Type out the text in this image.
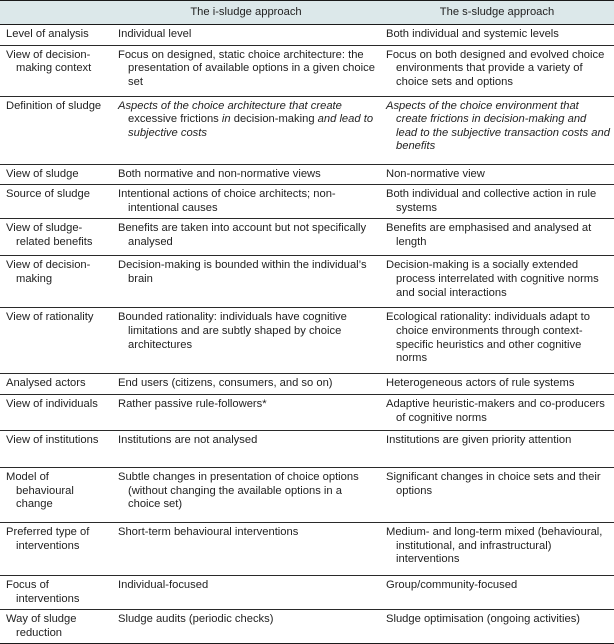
	The i-sludge approach	The s-sludge approach

Level of analysis	Individual level	Both individual and systemic levels

View of decision-making context	Focus on designed, static choice architecture: the presentation of available options in a given choice set	Focus on both designed and evolved choice environments that provide a variety of choice sets and options

Definition of sludge	Aspects of the choice architecture that create excessive frictions in decision-making and lead to subjective costs	Aspects of the choice environment that create frictions in decision-making and lead to the subjective transaction costs and benefits

View of sludge	Both normative and non-normative views	Non-normative view

Source of sludge	Intentional actions of choice architects; non-intentional causes	Both individual and collective action in rule systems

View of sludge-related benefits	Benefits are taken into account but not specifically analysed	Benefits are emphasised and analysed at length

View of decision-making	Decision-making is bounded within the individual’s brain	Decision-making is a socially extended process interrelated with cognitive norms and social interactions

View of rationality	Bounded rationality: individuals have cognitive limitations and are subtly shaped by choice architectures	Ecological rationality: individuals adapt to choice environments through context-specific heuristics and other cognitive norms

Analysed actors	End users (citizens, consumers, and so on)	Heterogeneous actors of rule systems

View of individuals	Rather passive rule-followers*	Adaptive heuristic-makers and co-producers of cognitive norms

View of institutions	Institutions are not analysed	Institutions are given priority attention

Model of behavioural change	Subtle changes in presentation of choice options (without changing the available options in a choice set)	Significant changes in choice sets and their options

Preferred type of interventions	Short-term behavioural interventions	Medium- and long-term mixed (behavioural, institutional, and infrastructural) interventions

Focus of interventions	Individual-focused	Group/community-focused

Way of sludge reduction	Sludge audits (periodic checks)	Sludge optimisation (ongoing activities)
